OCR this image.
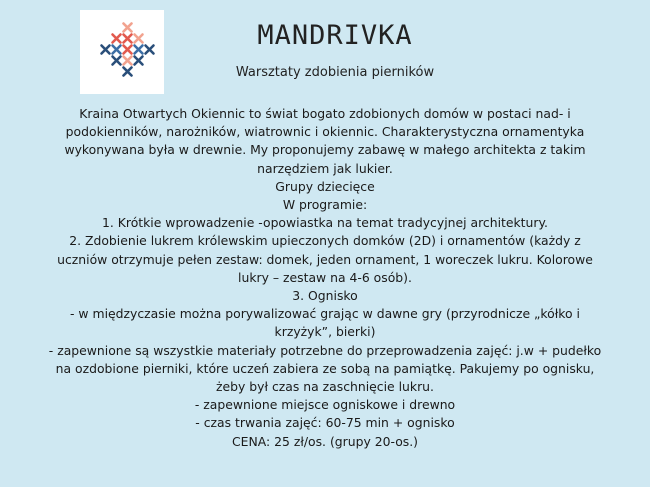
MANDRIVKA
Warsztaty zdobienia pierników

Kraina Otwartych Okiennic to świat bogato zdobionych domów w postaci nad- i

podokienników, narożników, wiatrownic i okiennic. Charakterystyczna ornamentyka

wykonywana była w drewnie. My proponujemy zabawę w małego architekta z takim

narzędziem jak lukier.

Grupy dziecięce

W programie:

1. Krótkie wprowadzenie -opowiastka na temat tradycyjnej architektury.

2. Zdobienie lukrem królewskim upieczonych domków (2D) i ornamentów (każdy z

uczniów otrzymuje pełen zestaw: domek, jeden ornament, 1 woreczek lukru. Kolorowe

lukry – zestaw na 4-6 osób).

3. Ognisko

- w międzyczasie można porywalizować grając w dawne gry (przyrodnicze „kółko i

krzyżyk”, bierki)

- zapewnione są wszystkie materiały potrzebne do przeprowadzenia zajęć: j.w + pudełko

na ozdobione pierniki, które uczeń zabiera ze sobą na pamiątkę. Pakujemy po ognisku,

żeby był czas na zaschnięcie lukru.

- zapewnione miejsce ogniskowe i drewno

- czas trwania zajęć: 60-75 min + ognisko

CENA: 25 zł/os. (grupy 20-os.)
